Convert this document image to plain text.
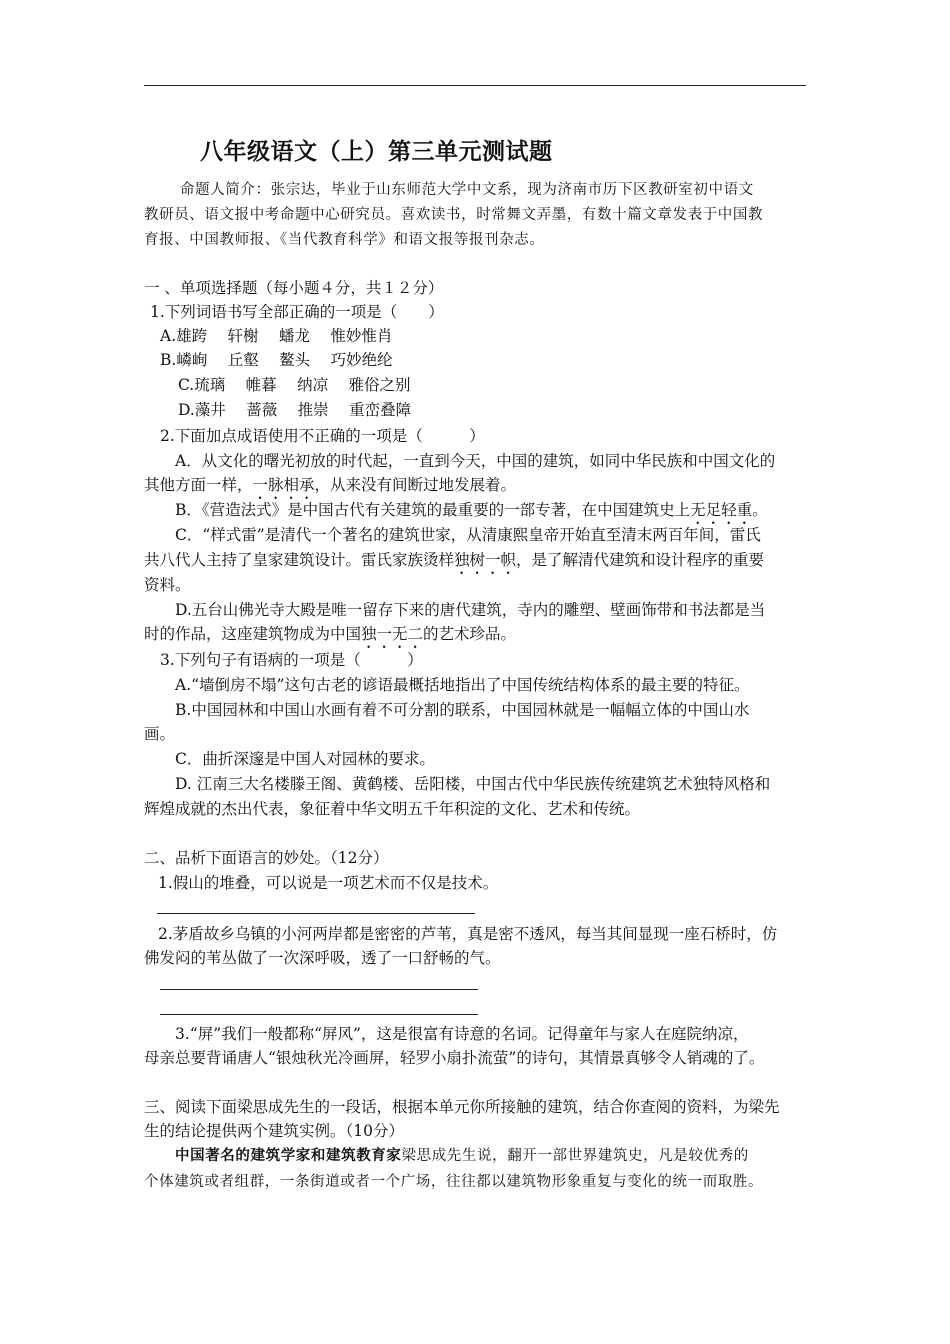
八年级语文（上）第三单元测试题
命题人简介：张宗达，毕业于山东师范大学中文系，现为济南市历下区教研室初中语文
教研员、语文报中考命题中心研究员。喜欢读书，时常舞文弄墨，有数十篇文章发表于中国教
育报、中国教师报、《当代教育科学》和语文报等报刊杂志。
一 、单项选择题（每小题４分，共１２分）
1.下列词语书写全部正确的一项是（　　）
A.雄跨　 轩榭　 蟠龙　 惟妙惟肖
B.嶙峋　 丘壑　 鳌头　 巧妙绝纶
C.琉璃　 帷暮　 纳凉　 雅俗之别
D.藻井　 蔷薇　 推崇　 重峦叠障
2.下面加点成语使用不正确的一项是（　　　）
A．从文化的曙光初放的时代起，一直到今天，中国的建筑，如同中华民族和中国文化的
其他方面一样，一脉相承，从来没有间断过地发展着。
B．《营造法式》是中国古代有关建筑的最重要的一部专著，在中国建筑史上无足轻重。
C．“样式雷”是清代一个著名的建筑世家，从清康熙皇帝开始直至清末两百年间，雷氏
共八代人主持了皇家建筑设计。雷氏家族烫样独树一帜，是了解清代建筑和设计程序的重要
资料。
D.五台山佛光寺大殿是唯一留存下来的唐代建筑，寺内的雕塑、壁画饰带和书法都是当
时的作品，这座建筑物成为中国独一无二的艺术珍品。
3.下列句子有语病的一项是（　　　）
A.“墙倒房不塌”这句古老的谚语最概括地指出了中国传统结构体系的最主要的特征。
B.中国园林和中国山水画有着不可分割的联系，中国园林就是一幅幅立体的中国山水
画。
C．曲折深邃是中国人对园林的要求。
D. 江南三大名楼滕王阁、黄鹤楼、岳阳楼，中国古代中华民族传统建筑艺术独特风格和
辉煌成就的杰出代表，象征着中华文明五千年积淀的文化、艺术和传统。
二、品析下面语言的妙处。（12分）
1.假山的堆叠，可以说是一项艺术而不仅是技术。
2.茅盾故乡乌镇的小河两岸都是密密的芦苇，真是密不透风，每当其间显现一座石桥时，仿
佛发闷的苇丛做了一次深呼吸，透了一口舒畅的气。
3.“屏”我们一般都称“屏风”，这是很富有诗意的名词。记得童年与家人在庭院纳凉，
母亲总要背诵唐人“银烛秋光冷画屏，轻罗小扇扑流萤”的诗句，其情景真够令人销魂的了。
三、阅读下面梁思成先生的一段话，根据本单元你所接触的建筑，结合你查阅的资料，为梁先
生的结论提供两个建筑实例。（10分）
中国著名的建筑学家和建筑教育家梁思成先生说，翻开一部世界建筑史，凡是较优秀的
个体建筑或者组群，一条街道或者一个广场，往往都以建筑物形象重复与变化的统一而取胜。
